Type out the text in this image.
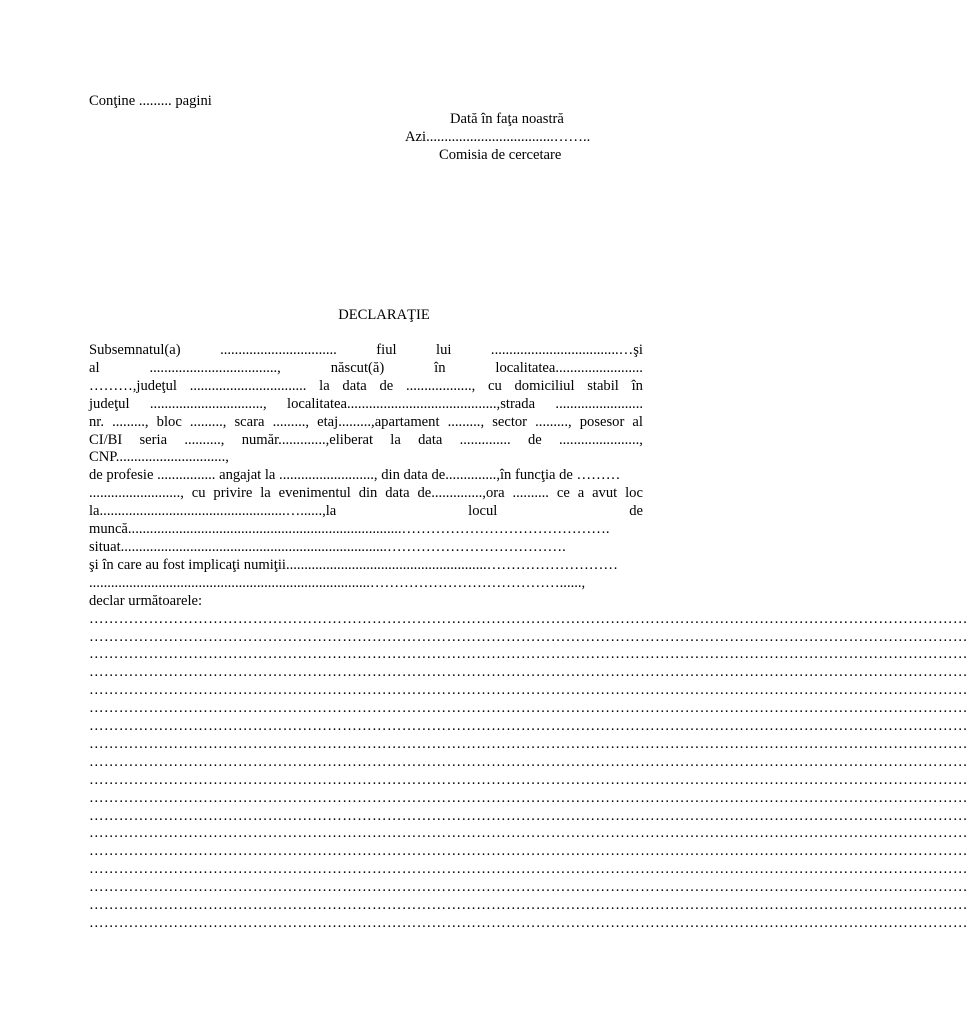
Conţine ......... pagini
Dată în faţa noastră
Azi...................................……..
Comisia de cercetare
DECLARAŢIE
Subsemnatul(a)	................................	fiul	lui	...................................…şi
al	...................................,	născut(ă)	în	localitatea........................
………,judeţul ................................ la data de .................., cu domiciliul stabil în
judeţul ..............................., localitatea.........................................,strada ........................
nr. ........., bloc ........., scara ........., etaj.........,apartament ........., sector ........., posesor al
CI/BI seria .........., număr.............,eliberat la data .............. de ......................,
CNP..............................,
de profesie ................ angajat la .........................., din data de..............,în funcţia de ………
........................., cu privire la evenimentul din data de..............,ora .......... ce a avut loc
la...................................................…......,la	locul	de
muncă...........................................................................…………………………………….
situat.........................................................................……………………………….
şi în care au fost implicaţi numiţii.......................................................………………………
.............................................................................…………………………………......,
declar următoarele:
……………………………………………………………………………………………………………………………………………………………
……………………………………………………………………………………………………………………………………………………………
……………………………………………………………………………………………………………………………………………………………
……………………………………………………………………………………………………………………………………………………………
……………………………………………………………………………………………………………………………………………………………
……………………………………………………………………………………………………………………………………………………………
……………………………………………………………………………………………………………………………………………………………
……………………………………………………………………………………………………………………………………………………………
……………………………………………………………………………………………………………………………………………………………
……………………………………………………………………………………………………………………………………………………………
……………………………………………………………………………………………………………………………………………………………
……………………………………………………………………………………………………………………………………………………………
……………………………………………………………………………………………………………………………………………………………
……………………………………………………………………………………………………………………………………………………………
……………………………………………………………………………………………………………………………………………………………
……………………………………………………………………………………………………………………………………………………………
……………………………………………………………………………………………………………………………………………………………
……………………………………………………………………………………………………………………………………………………………
